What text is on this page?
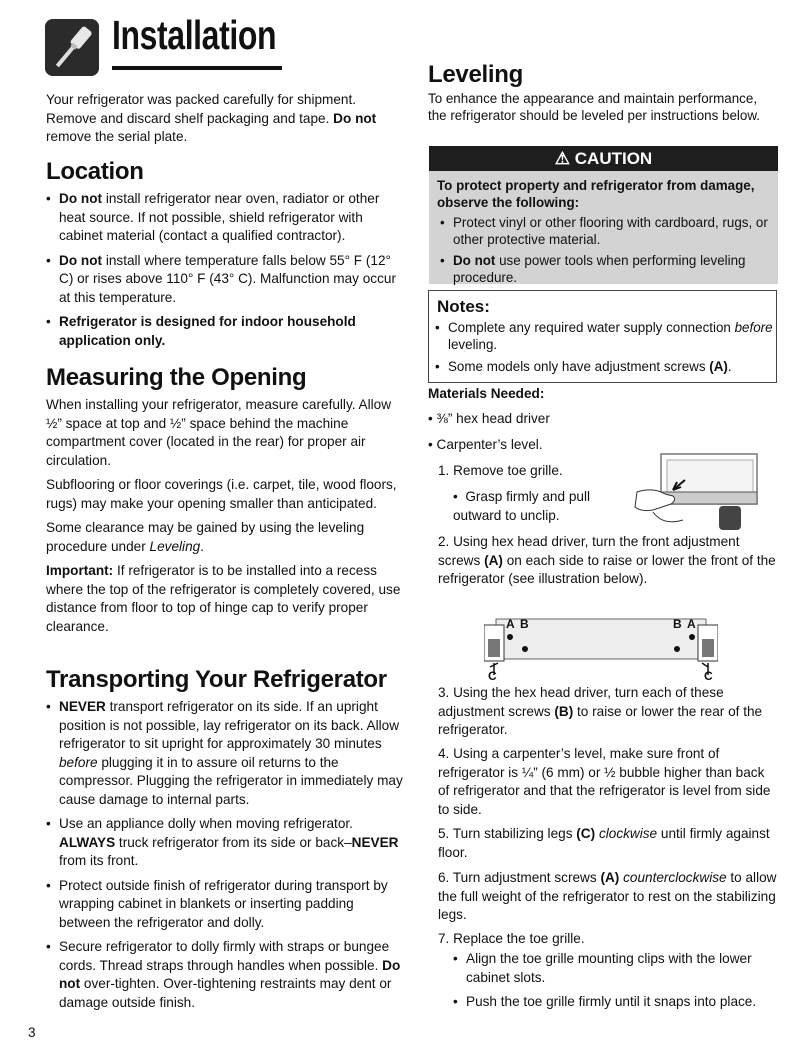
Installation

Your refrigerator was packed carefully for shipment. Remove and discard shelf packaging and tape. Do not remove the serial plate.

Location
• Do not install refrigerator near oven, radiator or other heat source. If not possible, shield refrigerator with cabinet material (contact a qualified contractor).
• Do not install where temperature falls below 55° F (12° C) or rises above 110° F (43° C). Malfunction may occur at this temperature.
• Refrigerator is designed for indoor household application only.
Measuring the Opening

When installing your refrigerator, measure carefully. Allow ½” space at top and ½” space behind the machine compartment cover (located in the rear) for proper air circulation.

Subflooring or floor coverings (i.e. carpet, tile, wood floors, rugs) may make your opening smaller than anticipated.

Some clearance may be gained by using the leveling procedure under Leveling.

Important: If refrigerator is to be installed into a recess where the top of the refrigerator is completely covered, use distance from floor to top of hinge cap to verify proper clearance.

Transporting Your Refrigerator
• NEVER transport refrigerator on its side. If an upright position is not possible, lay refrigerator on its back. Allow refrigerator to sit upright for approximately 30 minutes before plugging it in to assure oil returns to the compressor. Plugging the refrigerator in immediately may cause damage to internal parts.
• Use an appliance dolly when moving refrigerator. ALWAYS truck refrigerator from its side or back–NEVER from its front.
• Protect outside finish of refrigerator during transport by wrapping cabinet in blankets or inserting padding between the refrigerator and dolly.
• Secure refrigerator to dolly firmly with straps or bungee cords. Thread straps through handles when possible. Do not over-tighten. Over-tightening restraints may dent or damage outside finish.
Leveling

To enhance the appearance and maintain performance, the refrigerator should be leveled per instructions below.

⚠ CAUTION
To protect property and refrigerator from damage, observe the following:
• Protect vinyl or other flooring with cardboard, rugs, or other protective material.
• Do not use power tools when performing leveling procedure.
Notes:
• Complete any required water supply connection before leveling.
• Some models only have adjustment screws (A).
Materials Needed:
• ⅜” hex head driver
• Carpenter’s level.
1. Remove toe grille.
•  Grasp firmly and pull outward to unclip.
2. Using hex head driver, turn the front adjustment screws (A) on each side to raise or lower the front of the refrigerator (see illustration below).
A B	B A
C	C
3. Using the hex head driver, turn each of these adjustment screws (B) to raise or lower the rear of the refrigerator.
4. Using a carpenter’s level, make sure front of refrigerator is ¼” (6 mm) or ½ bubble higher than back of refrigerator and that the refrigerator is level from side to side.
5. Turn stabilizing legs (C) clockwise until firmly against floor.
6. Turn adjustment screws (A) counterclockwise to allow the full weight of the refrigerator to rest on the stabilizing legs.
7. Replace the toe grille.
• Align the toe grille mounting clips with the lower cabinet slots.
• Push the toe grille firmly until it snaps into place.
3
